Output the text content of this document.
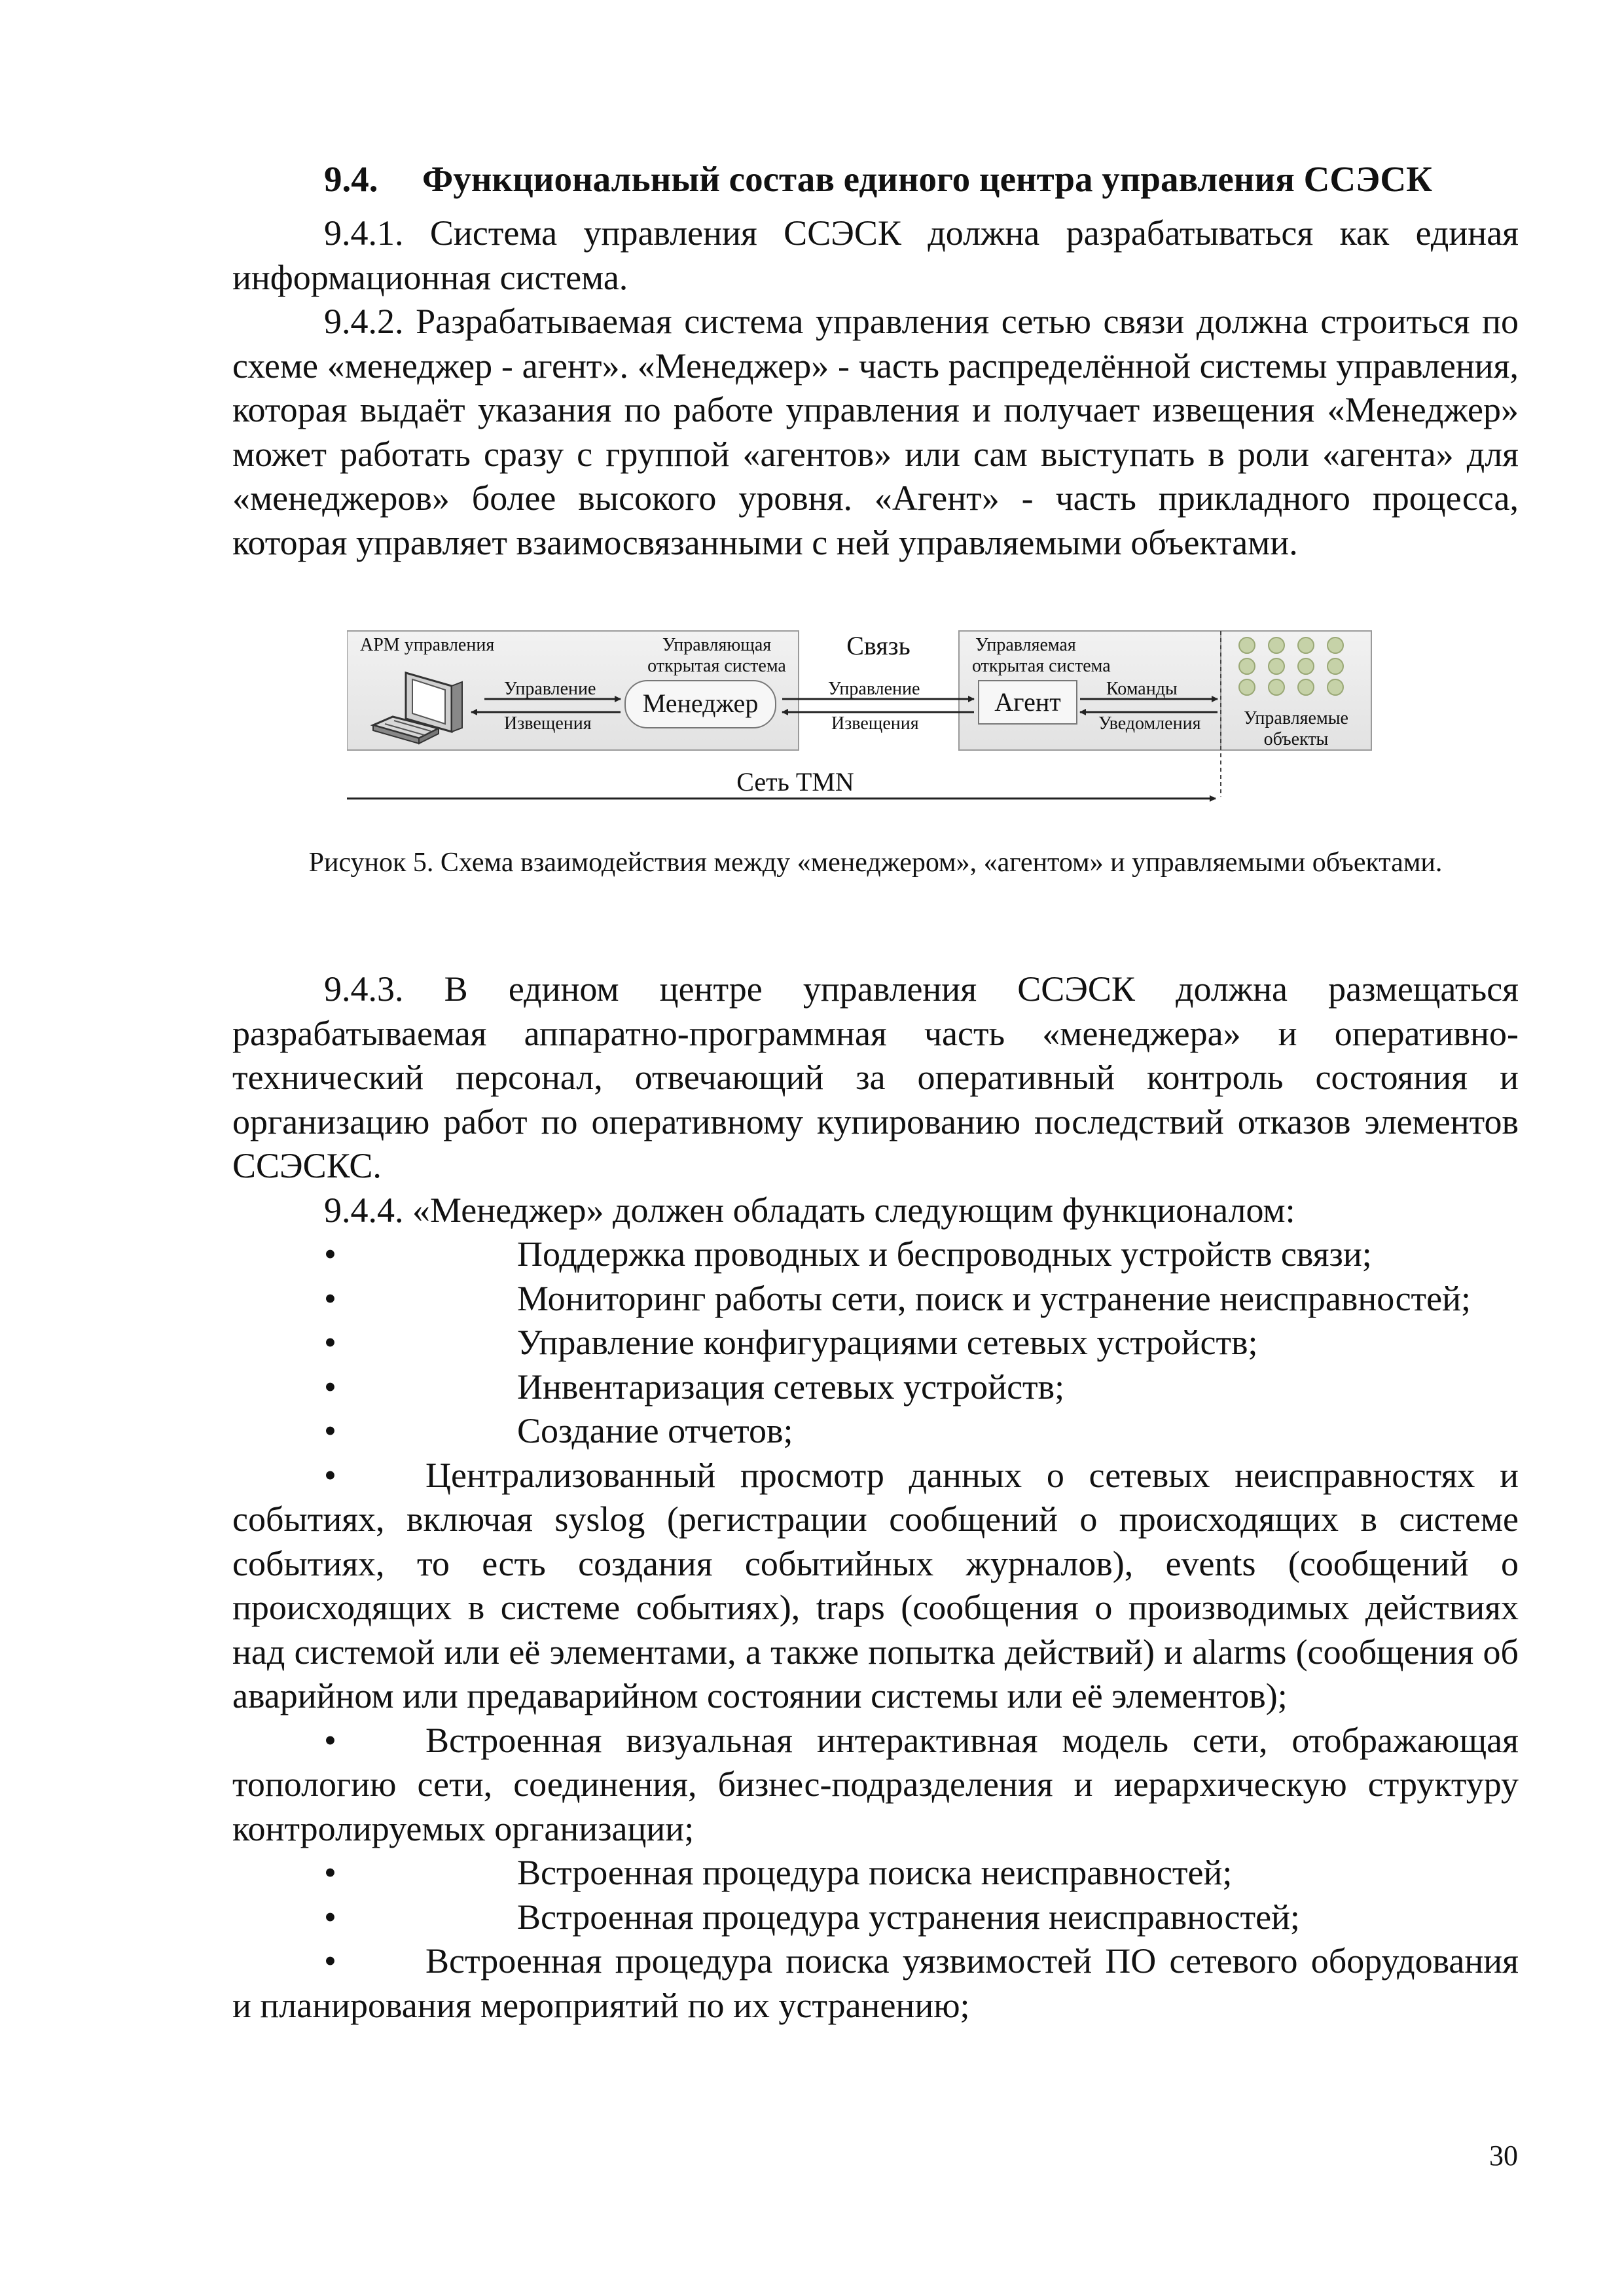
9.4. Функциональный состав единого центра управления ССЭСК

9.4.1. Система управления ССЭСК должна разрабатываться как единая информационная система.

9.4.2. Разрабатываемая система управления сетью связи должна строиться по схеме «менеджер - агент». «Менеджер» - часть распределённой системы управления, которая выдаёт указания по работе управления и получает извещения «Менеджер» может работать сразу с группой «агентов» или сам выступать в роли «агента» для «менеджеров» более высокого уровня. «Агент» - часть прикладного процесса, которая управляет взаимосвязанными с ней управляемыми объектами.

АРМ управления	Управляющая
открытая система
Связь	Управляемая
открытая система
Управление
Извещения
Менеджер	Управление
Извещения
Агент Команды
Уведомления Управляемые
объекты
Сеть TMN
Рисунок 5. Схема взаимодействия между «менеджером», «агентом» и управляемыми объектами.

9.4.3. В едином центре управления ССЭСК должна размещаться разрабатываемая аппаратно-программная часть «менеджера» и оперативно-технический персонал, отвечающий за оперативный контроль состояния и организацию работ по оперативному купированию последствий отказов элементов ССЭСКС.

9.4.4. «Менеджер» должен обладать следующим функционалом:

•	Поддержка проводных и беспроводных устройств связи;

•	Мониторинг работы сети, поиск и устранение неисправностей;

•	Управление конфигурациями сетевых устройств;

•	Инвентаризация сетевых устройств;

•	Создание отчетов;

•	Централизованный просмотр данных о сетевых неисправностях и событиях, включая syslog (регистрации сообщений о происходящих в системе событиях, то есть создания событийных журналов), events (сообщений о происходящих в системе событиях), traps (сообщения о производимых действиях над системой или её элементами, а также попытка действий) и alarms (сообщения об аварийном или предаварийном состоянии системы или её элементов);

•	Встроенная визуальная интерактивная модель сети, отображающая топологию сети, соединения, бизнес-подразделения и иерархическую структуру контролируемых организации;

•	Встроенная процедура поиска неисправностей;

•	Встроенная процедура устранения неисправностей;

•	Встроенная процедура поиска уязвимостей ПО сетевого оборудования и планирования мероприятий по их устранению;

30
